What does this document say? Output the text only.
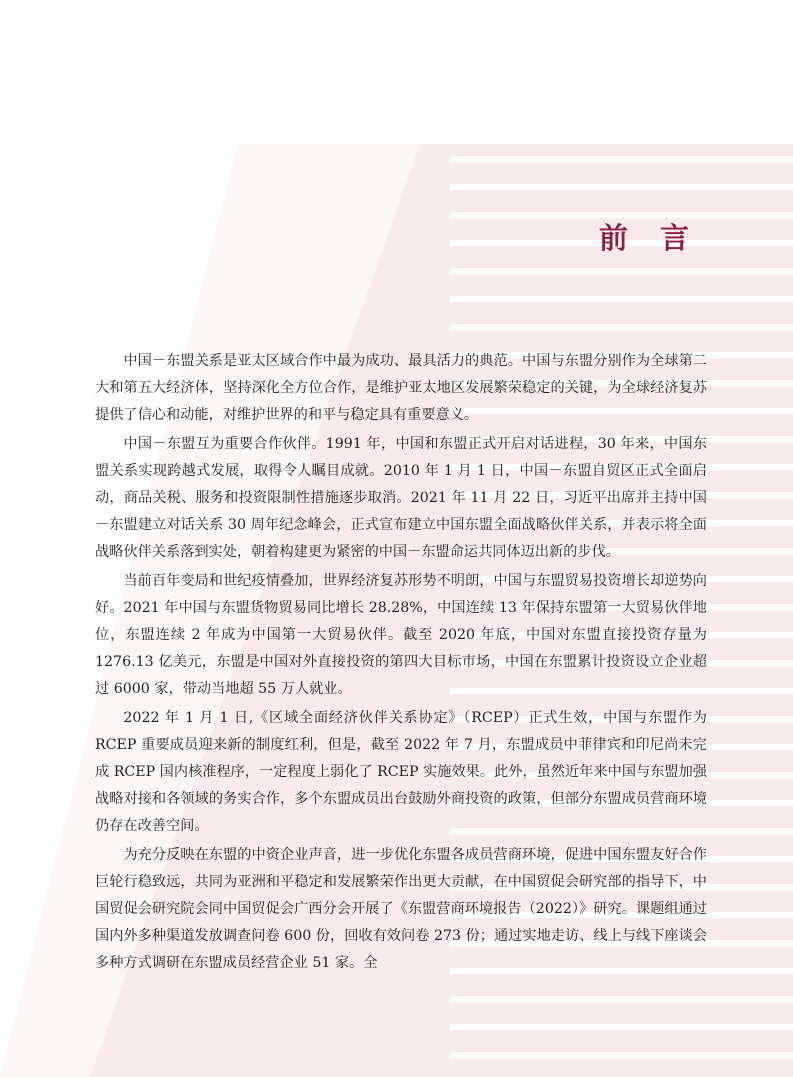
前 言

中国－东盟关系是亚太区域合作中最为成功、最具活力的典范。中国与东盟分别作为全球第二大和第五大经济体，坚持深化全方位合作，是维护亚太地区发展繁荣稳定的关键，为全球经济复苏提供了信心和动能，对维护世界的和平与稳定具有重要意义。

中国－东盟互为重要合作伙伴。1991 年，中国和东盟正式开启对话进程，30 年来，中国东盟关系实现跨越式发展，取得令人瞩目成就。2010 年 1 月 1 日，中国－东盟自贸区正式全面启动，商品关税、服务和投资限制性措施逐步取消。2021 年 11 月 22 日，习近平出席并主持中国－东盟建立对话关系 30 周年纪念峰会，正式宣布建立中国东盟全面战略伙伴关系，并表示将全面战略伙伴关系落到实处，朝着构建更为紧密的中国－东盟命运共同体迈出新的步伐。

当前百年变局和世纪疫情叠加，世界经济复苏形势不明朗，中国与东盟贸易投资增长却逆势向好。2021 年中国与东盟货物贸易同比增长 28.28%，中国连续 13 年保持东盟第一大贸易伙伴地位，东盟连续 2 年成为中国第一大贸易伙伴。截至 2020 年底，中国对东盟直接投资存量为 1276.13 亿美元，东盟是中国对外直接投资的第四大目标市场，中国在东盟累计投资设立企业超过 6000 家，带动当地超 55 万人就业。

2022 年 1 月 1 日,《区域全面经济伙伴关系协定》（RCEP）正式生效，中国与东盟作为 RCEP 重要成员迎来新的制度红利，但是，截至 2022 年 7 月，东盟成员中菲律宾和印尼尚未完成 RCEP 国内核准程序，一定程度上弱化了 RCEP 实施效果。此外，虽然近年来中国与东盟加强战略对接和各领域的务实合作，多个东盟成员出台鼓励外商投资的政策，但部分东盟成员营商环境仍存在改善空间。

为充分反映在东盟的中资企业声音，进一步优化东盟各成员营商环境，促进中国东盟友好合作巨轮行稳致远，共同为亚洲和平稳定和发展繁荣作出更大贡献，在中国贸促会研究部的指导下，中国贸促会研究院会同中国贸促会广西分会开展了《东盟营商环境报告（2022）》研究。课题组通过国内外多种渠道发放调查问卷 600 份，回收有效问卷 273 份；通过实地走访、线上与线下座谈会多种方式调研在东盟成员经营企业 51 家。全
